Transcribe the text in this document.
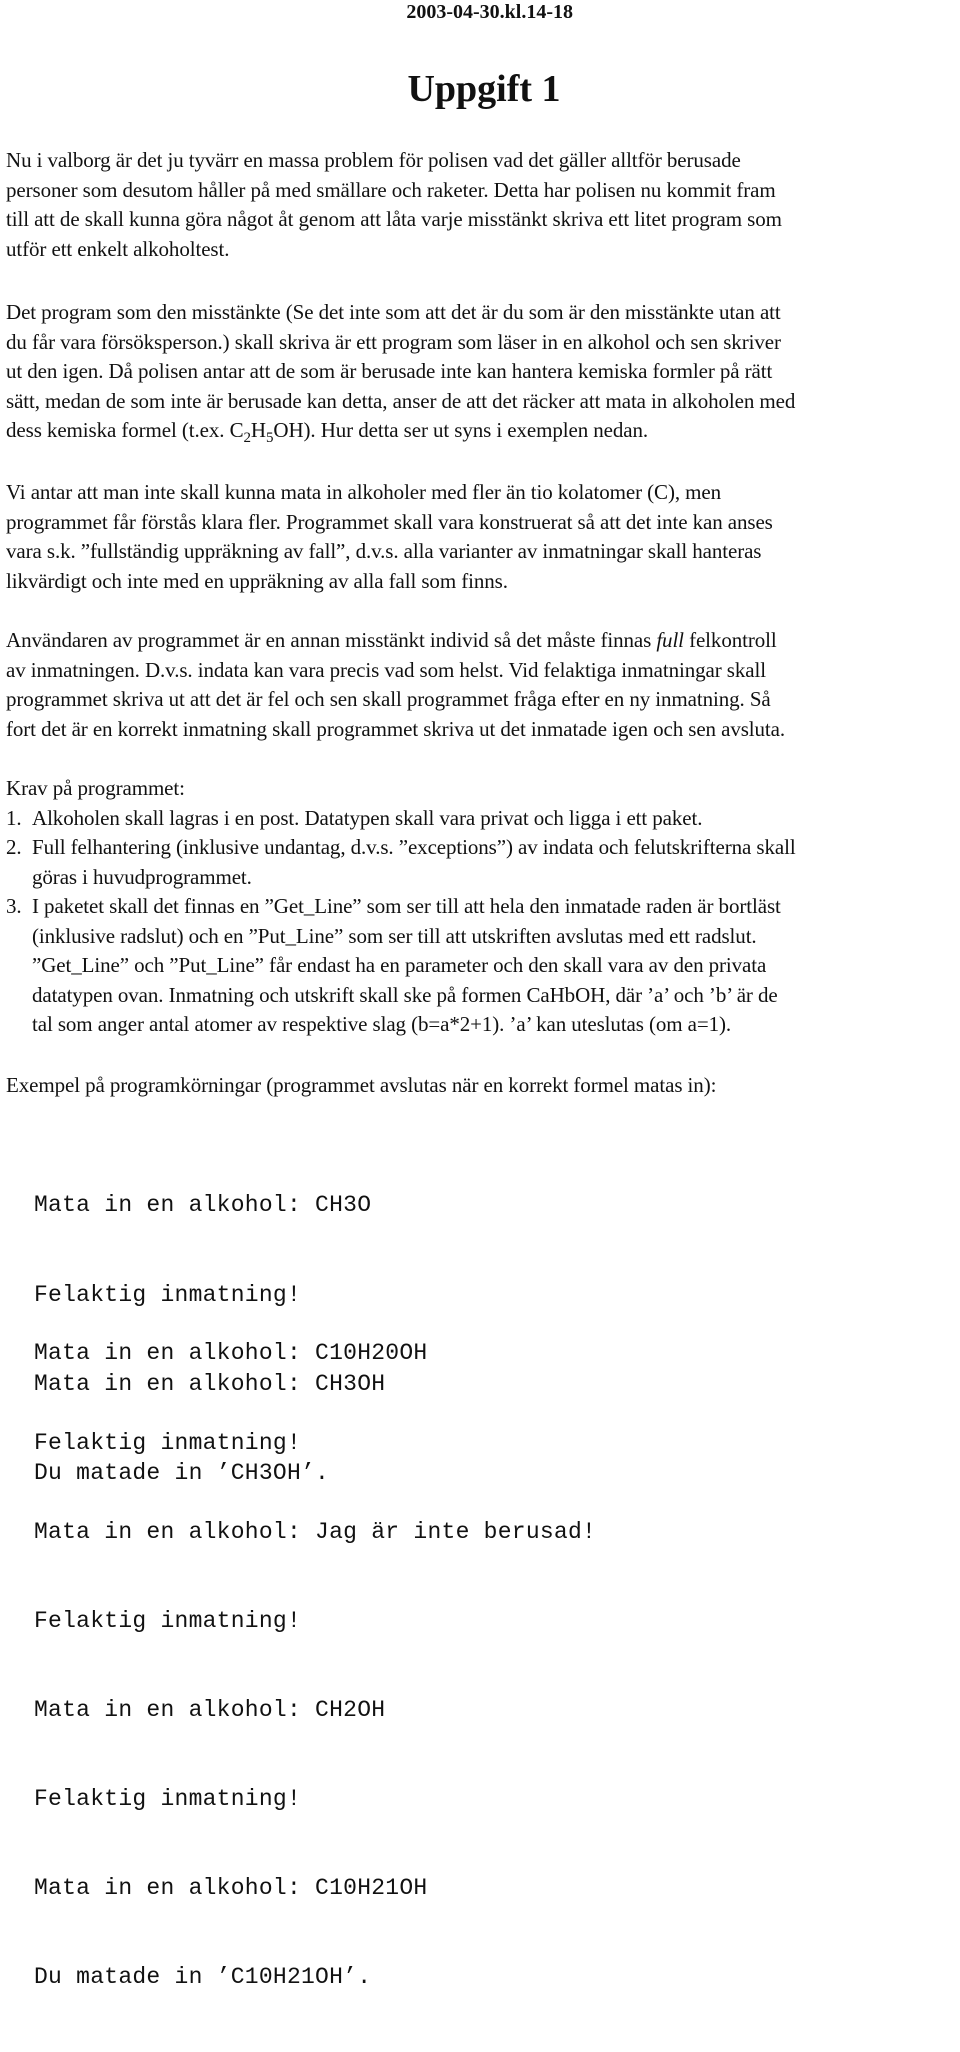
2003-04-30.kl.14-18
Uppgift 1

Nu i valborg är det ju tyvärr en massa problem för polisen vad det gäller alltför berusade
personer som desutom håller på med smällare och raketer. Detta har polisen nu kommit fram
till att de skall kunna göra något åt genom att låta varje misstänkt skriva ett litet program som
utför ett enkelt alkoholtest.

Det program som den misstänkte (Se det inte som att det är du som är den misstänkte utan att
du får vara försöksperson.) skall skriva är ett program som läser in en alkohol och sen skriver
ut den igen. Då polisen antar att de som är berusade inte kan hantera kemiska formler på rätt
sätt, medan de som inte är berusade kan detta, anser de att det räcker att mata in alkoholen med
dess kemiska formel (t.ex. $C_2H_5OH$). Hur detta ser ut syns i exemplen nedan.

Vi antar att man inte skall kunna mata in alkoholer med fler än tio kolatomer (C), men
programmet får förstås klara fler. Programmet skall vara konstruerat så att det inte kan anses
vara s.k. ”fullständig uppräkning av fall”, d.v.s. alla varianter av inmatningar skall hanteras
likvärdigt och inte med en uppräkning av alla fall som finns.

Användaren av programmet är en annan misstänkt individ så det måste finnas full felkontroll
av inmatningen. D.v.s. indata kan vara precis vad som helst. Vid felaktiga inmatningar skall
programmet skriva ut att det är fel och sen skall programmet fråga efter en ny inmatning. Så
fort det är en korrekt inmatning skall programmet skriva ut det inmatade igen och sen avsluta.

Krav på programmet:
1. Alkoholen skall lagras i en post. Datatypen skall vara privat och ligga i ett paket.
2. Full felhantering (inklusive undantag, d.v.s. ”exceptions”) av indata och felutskrifterna skall
göras i huvudprogrammet.
3. I paketet skall det finnas en ”Get_Line” som ser till att hela den inmatade raden är bortläst
(inklusive radslut) och en ”Put_Line” som ser till att utskriften avslutas med ett radslut.
”Get_Line” och ”Put_Line” får endast ha en parameter och den skall vara av den privata
datatypen ovan. Inmatning och utskrift skall ske på formen CaHbOH, där ’a’ och ’b’ är de
tal som anger antal atomer av respektive slag (b=a*2+1). ’a’ kan uteslutas (om a=1).
Exempel på programkörningar (programmet avslutas när en korrekt formel matas in):

Mata in en alkohol: CH3O

Felaktig inmatning!

Mata in en alkohol: CH3OH

Du matade in ’CH3OH’.

Mata in en alkohol: C10H20OH

Felaktig inmatning!

Mata in en alkohol: Jag är inte berusad!

Felaktig inmatning!

Mata in en alkohol: CH2OH

Felaktig inmatning!

Mata in en alkohol: C10H21OH

Du matade in ’C10H21OH’.
